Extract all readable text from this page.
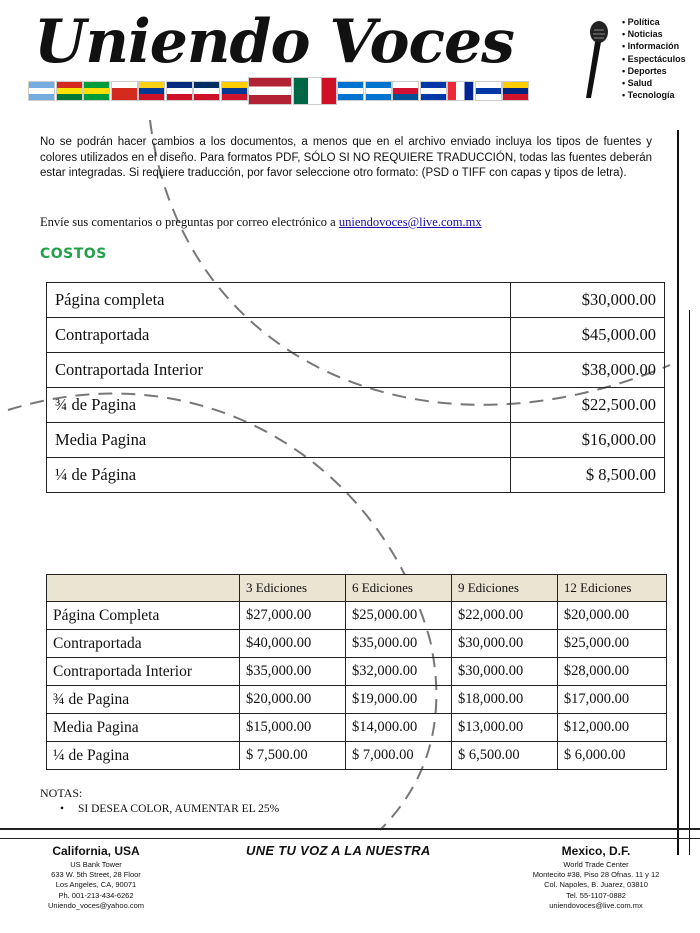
Uniendo Voces	• Política
• Noticias
• Información
• Espectáculos
• Deportes
• Salud
• Tecnología

No se podrán hacer cambios a los documentos, a menos que en el archivo enviado incluya los tipos de fuentes y colores utilizados en el diseño. Para formatos PDF, SÓLO SI NO REQUIERE TRADUCCIÓN, todas las fuentes deberán estar integradas. Si requiere traducción, por favor seleccione otro formato: (PSD o TIFF con capas y tipos de letra).

Envíe sus comentarios o preguntas por correo electrónico a uniendovoces@live.com.mx

COSTOS
Página completa	$30,000.00
Contraportada	$45,000.00
Contraportada Interior	$38,000.00
¾ de Pagina	$22,500.00
Media Pagina	$16,000.00
¼ de Página	$ 8,500.00
	3 Ediciones	6 Ediciones	9 Ediciones	12 Ediciones
Página Completa	$27,000.00	$25,000.00	$22,000.00	$20,000.00
Contraportada	$40,000.00	$35,000.00	$30,000.00	$25,000.00
Contraportada Interior	$35,000.00	$32,000.00	$30,000.00	$28,000.00
¾ de Pagina	$20,000.00	$19,000.00	$18,000.00	$17,000.00
Media Pagina	$15,000.00	$14,000.00	$13,000.00	$12,000.00
¼ de Pagina	$ 7,500.00	$ 7,000.00	$ 6,500.00	$ 6,000.00
NOTAS:
• SI DESEA COLOR, AUMENTAR EL 25%
California, USA
US Bank Tower
633 W. 5th Street, 28 Floor
Los Angeles, CA, 90071
Ph. 001-213-434-6262
Uniendo_voces@yahoo.com
UNE TU VOZ A LA NUESTRA	Mexico, D.F.
World Trade Center
Montecito #38, Piso 28 Ofnas. 11 y 12
Col. Napoles, B. Juarez, 03810
Tel. 55-1107-0882
uniendovoces@live.com.mx
